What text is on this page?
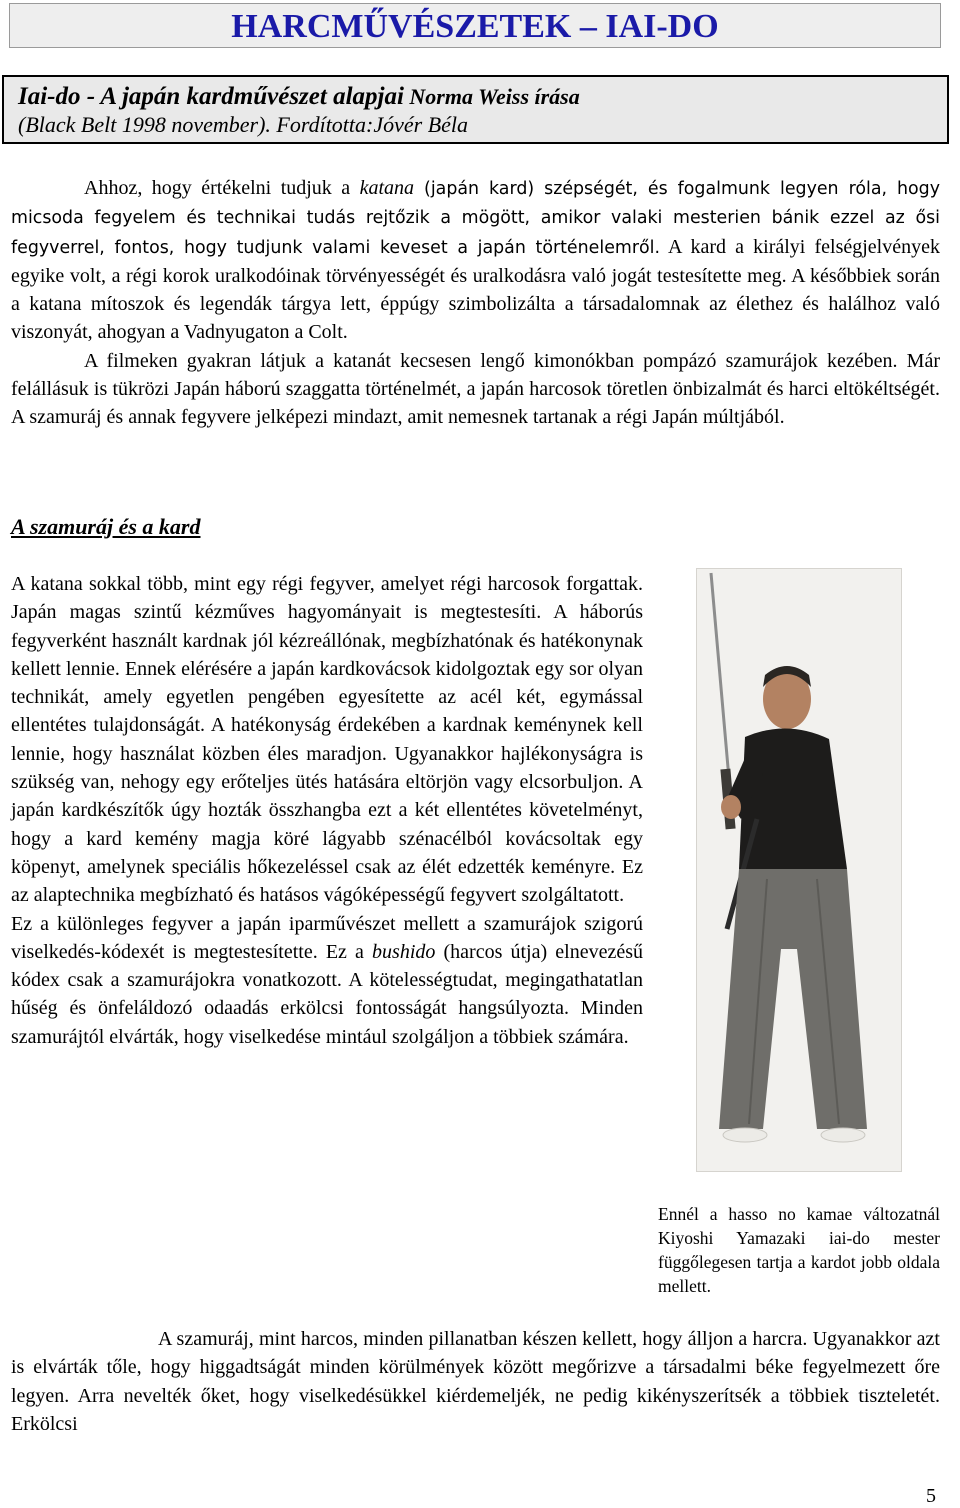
HARCMŰVÉSZETEK – IAI-DO
Iai-do - A japán kardművészet alapjai Norma Weiss írása
(Black Belt 1998 november). Fordította:Jóvér Béla

Ahhoz, hogy értékelni tudjuk a katana (japán kard) szépségét, és fogalmunk legyen róla, hogy micsoda fegyelem és technikai tudás rejtőzik a mögött, amikor valaki mesterien bánik ezzel az ősi fegyverrel, fontos, hogy tudjunk valami keveset a japán történelemről. A kard a királyi felségjelvények egyike volt, a régi korok uralkodóinak törvényességét és uralkodásra való jogát testesítette meg. A későbbiek során a katana mítoszok és legendák tárgya lett, éppúgy szimbolizálta a társadalomnak az élethez és halálhoz való viszonyát, ahogyan a Vadnyugaton a Colt.

A filmeken gyakran látjuk a katanát kecsesen lengő kimonókban pompázó szamurájok kezében. Már felállásuk is tükrözi Japán háború szaggatta történelmét, a japán harcosok töretlen önbizalmát és harci eltökéltségét. A szamuráj és annak fegyvere jelképezi mindazt, amit nemesnek tartanak a régi Japán múltjából.

A szamuráj és a kard

A katana sokkal több, mint egy régi fegyver, amelyet régi harcosok forgattak. Japán magas szintű kézműves hagyományait is megtestesíti. A háborús fegyverként használt kardnak jól kézreállónak, megbízhatónak és hatékonynak kellett lennie. Ennek elérésére a japán kardkovácsok kidolgoztak egy sor olyan technikát, amely egyetlen pengében egyesítette az acél két, egymással ellentétes tulajdonságát. A hatékonyság érdekében a kardnak keménynek kell lennie, hogy használat közben éles maradjon. Ugyanakkor hajlékonyságra is szükség van, nehogy egy erőteljes ütés hatására eltörjön vagy elcsorbuljon. A japán kardkészítők úgy hozták összhangba ezt a két ellentétes követelményt, hogy a kard kemény magja köré lágyabb szénacélból kovácsoltak egy köpenyt, amelynek speciális hőkezeléssel csak az élét edzették keményre. Ez az alaptechnika megbízható és hatásos vágóképességű fegyvert szolgáltatott.

Ez a különleges fegyver a japán iparművészet mellett a szamurájok szigorú viselkedés-kódexét is megtestesítette. Ez a bushido (harcos útja) elnevezésű kódex csak a szamurájokra vonatkozott. A kötelességtudat, megingathatatlan hűség és önfeláldozó odaadás erkölcsi fontosságát hangsúlyozta. Minden szamurájtól elvárták, hogy viselkedése mintául szolgáljon a többiek számára.

Ennél a hasso no kamae változatnál Kiyoshi Yamazaki iai-do mester függőlegesen tartja a kardot jobb oldala mellett.

A szamuráj, mint harcos, minden pillanatban készen kellett, hogy álljon a harcra. Ugyanakkor azt is elvárták tőle, hogy higgadtságát minden körülmények között megőrizve a társadalmi béke fegyelmezett őre legyen. Arra nevelték őket, hogy viselkedésükkel kiérdemeljék, ne pedig kikényszerítsék a többiek tiszteletét. Erkölcsi

5
